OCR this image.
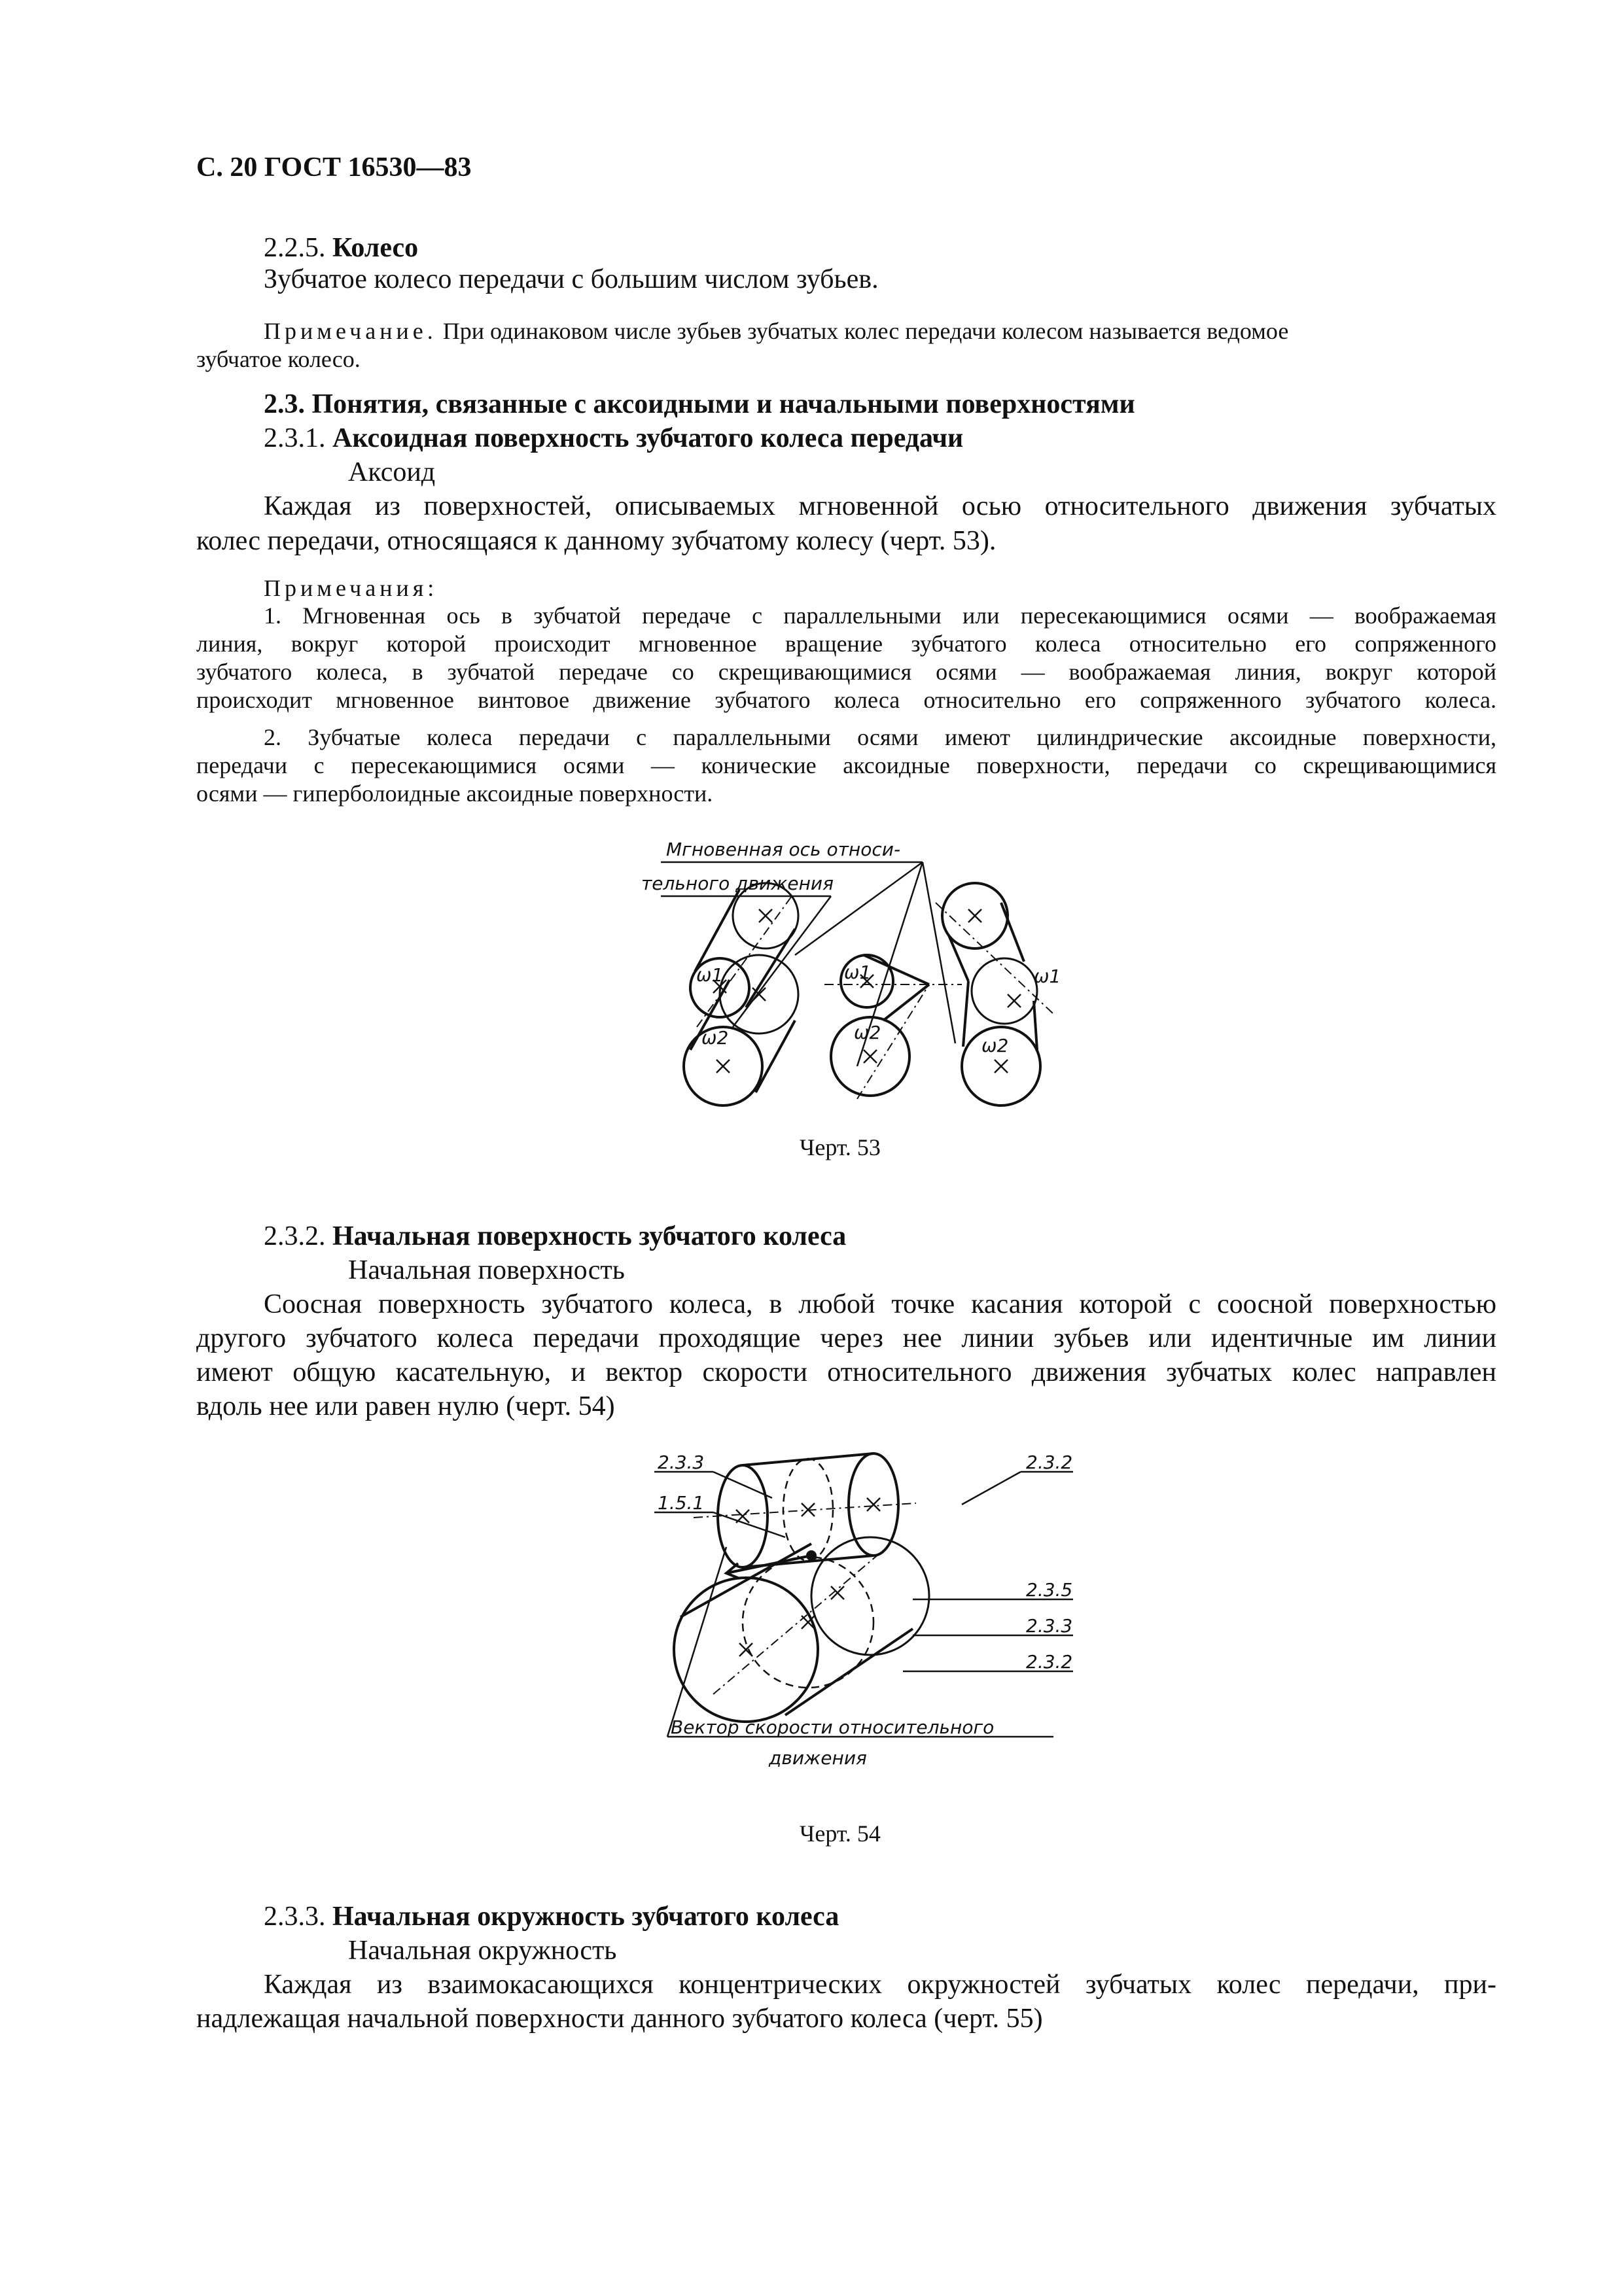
С. 20 ГОСТ 16530—83
2.2.5. Колесо
Зубчатое колесо передачи с большим числом зубьев.
Примечание. При одинаковом числе зубьев зубчатых колес передачи колесом называется ведомое
зубчатое колесо.
2.3. Понятия, связанные с аксоидными и начальными поверхностями
2.3.1. Аксоидная поверхность зубчатого колеса передачи
Аксоид
Каждая из поверхностей, описываемых мгновенной осью относительного движения зубчатых
колес передачи, относящаяся к данному зубчатому колесу (черт. 53).
Примечания:
1. Мгновенная ось в зубчатой передаче с параллельными или пересекающимися осями — воображаемая
линия, вокруг которой происходит мгновенное вращение зубчатого колеса относительно его сопряженного
зубчатого колеса, в зубчатой передаче со скрещивающимися осями — воображаемая линия, вокруг которой
происходит мгновенное винтовое движение зубчатого колеса относительно его сопряженного зубчатого колеса.
2. Зубчатые колеса передачи с параллельными осями имеют цилиндрические аксоидные поверхности,
передачи с пересекающимися осями — конические аксоидные поверхности, передачи со скрещивающимися
осями — гиперболоидные аксоидные поверхности.
Мгновенная ось относи-
тельного движения
ω1
ω2
ω1
ω2
ω1
ω2
Черт. 53
2.3.2. Начальная поверхность зубчатого колеса
Начальная поверхность
Соосная поверхность зубчатого колеса, в любой точке касания которой с соосной поверхностью
другого зубчатого колеса передачи проходящие через нее линии зубьев или идентичные им линии
имеют общую касательную, и вектор скорости относительного движения зубчатых колес направлен
вдоль нее или равен нулю (черт. 54)
2.3.3
1.5.1
2.3.2
2.3.5
2.3.3
2.3.2
Вектор скорости относительного
движения
Черт. 54
2.3.3. Начальная окружность зубчатого колеса
Начальная окружность
Каждая из взаимокасающихся концентрических окружностей зубчатых колес передачи, при-
надлежащая начальной поверхности данного зубчатого колеса (черт. 55)
